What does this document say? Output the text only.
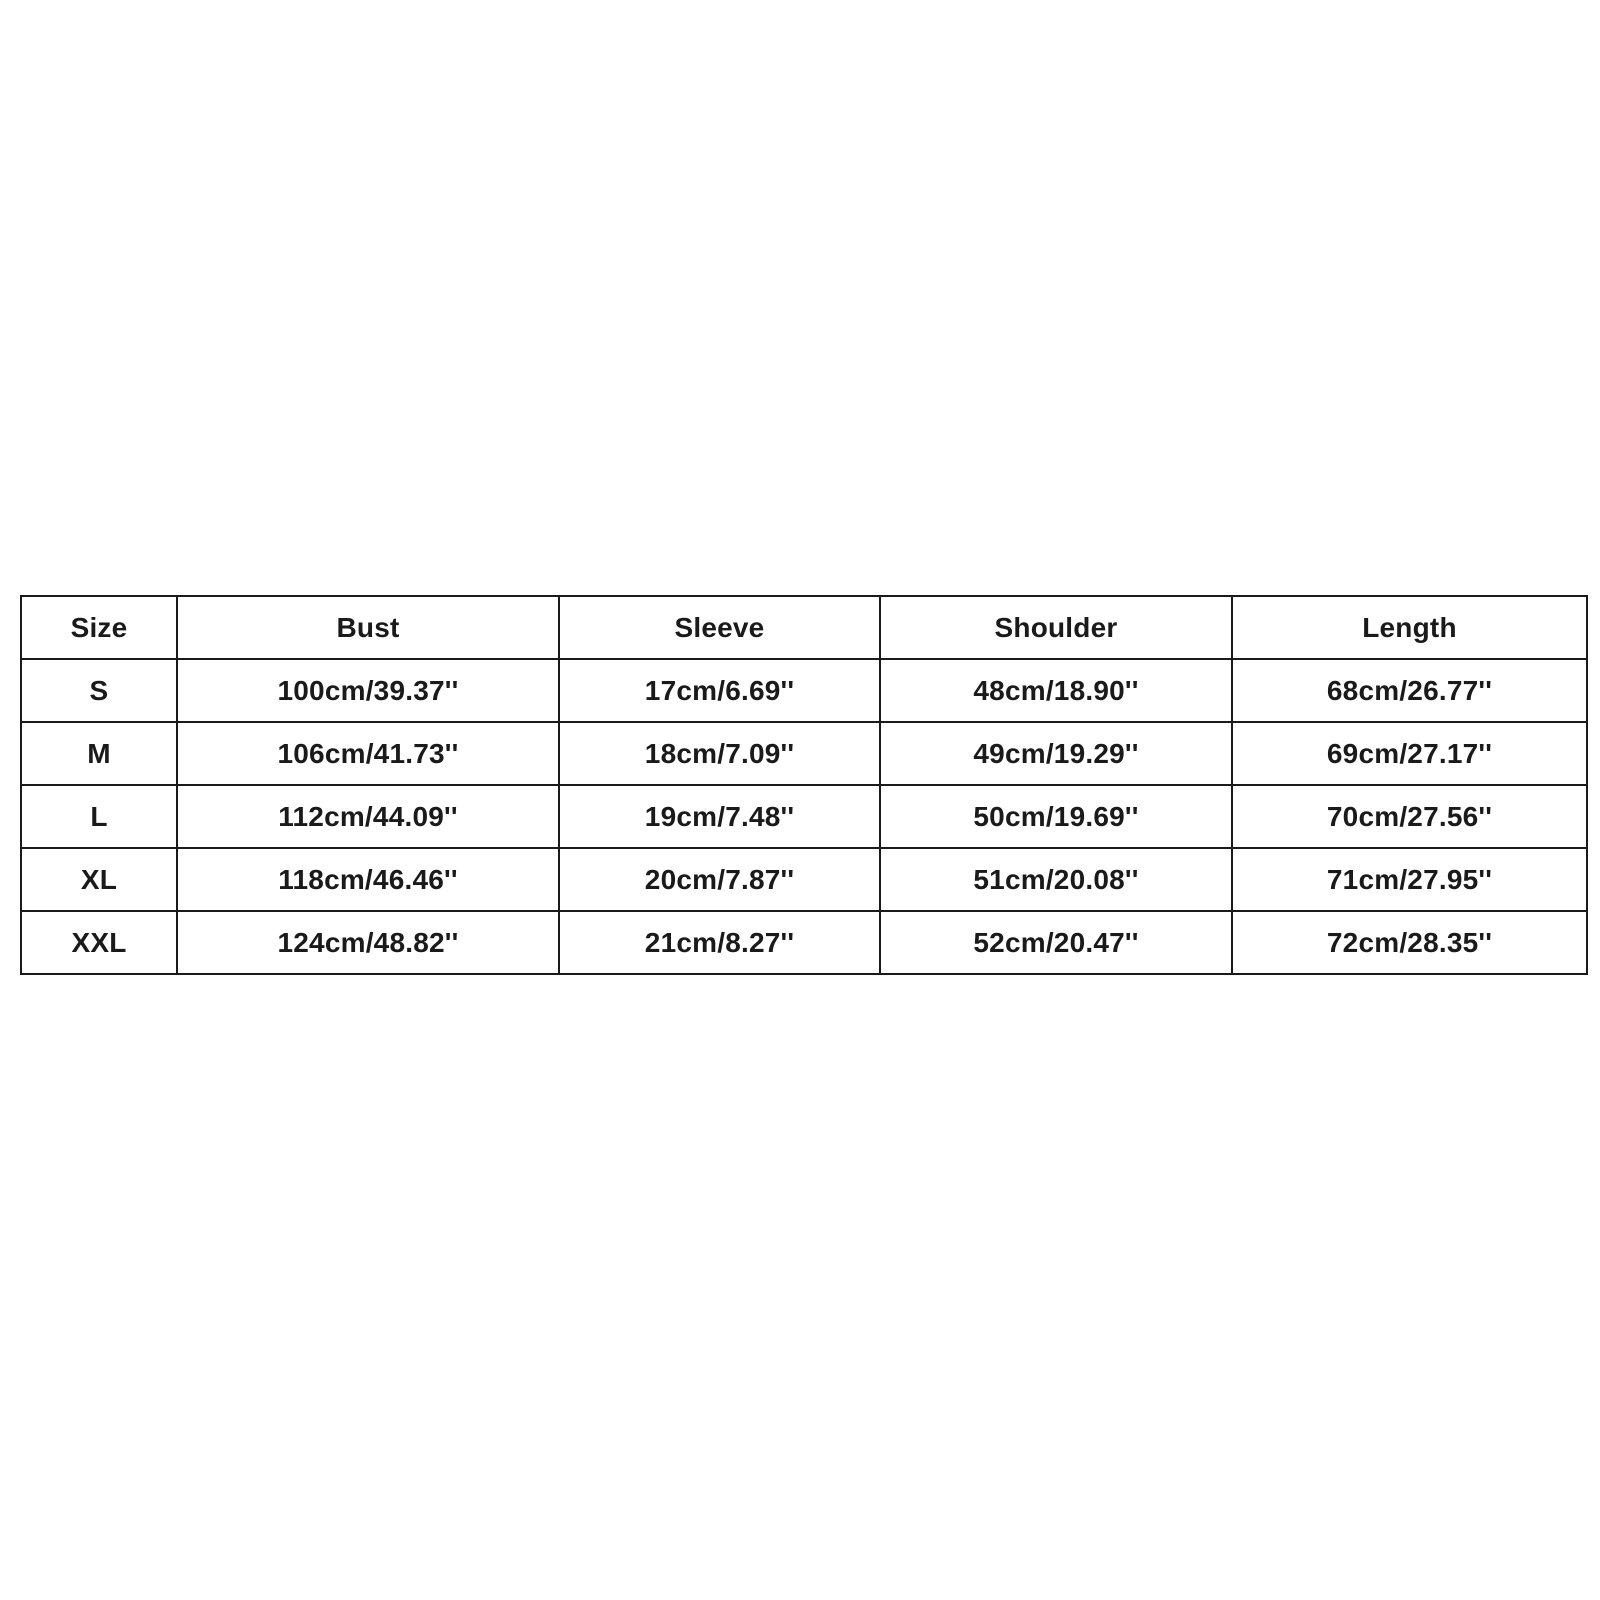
Size	Bust	Sleeve	Shoulder	Length
S	100cm/39.37''	17cm/6.69''	48cm/18.90''	68cm/26.77''
M	106cm/41.73''	18cm/7.09''	49cm/19.29''	69cm/27.17''
L	112cm/44.09''	19cm/7.48''	50cm/19.69''	70cm/27.56''
XL	118cm/46.46''	20cm/7.87''	51cm/20.08''	71cm/27.95''
XXL	124cm/48.82''	21cm/8.27''	52cm/20.47''	72cm/28.35''
